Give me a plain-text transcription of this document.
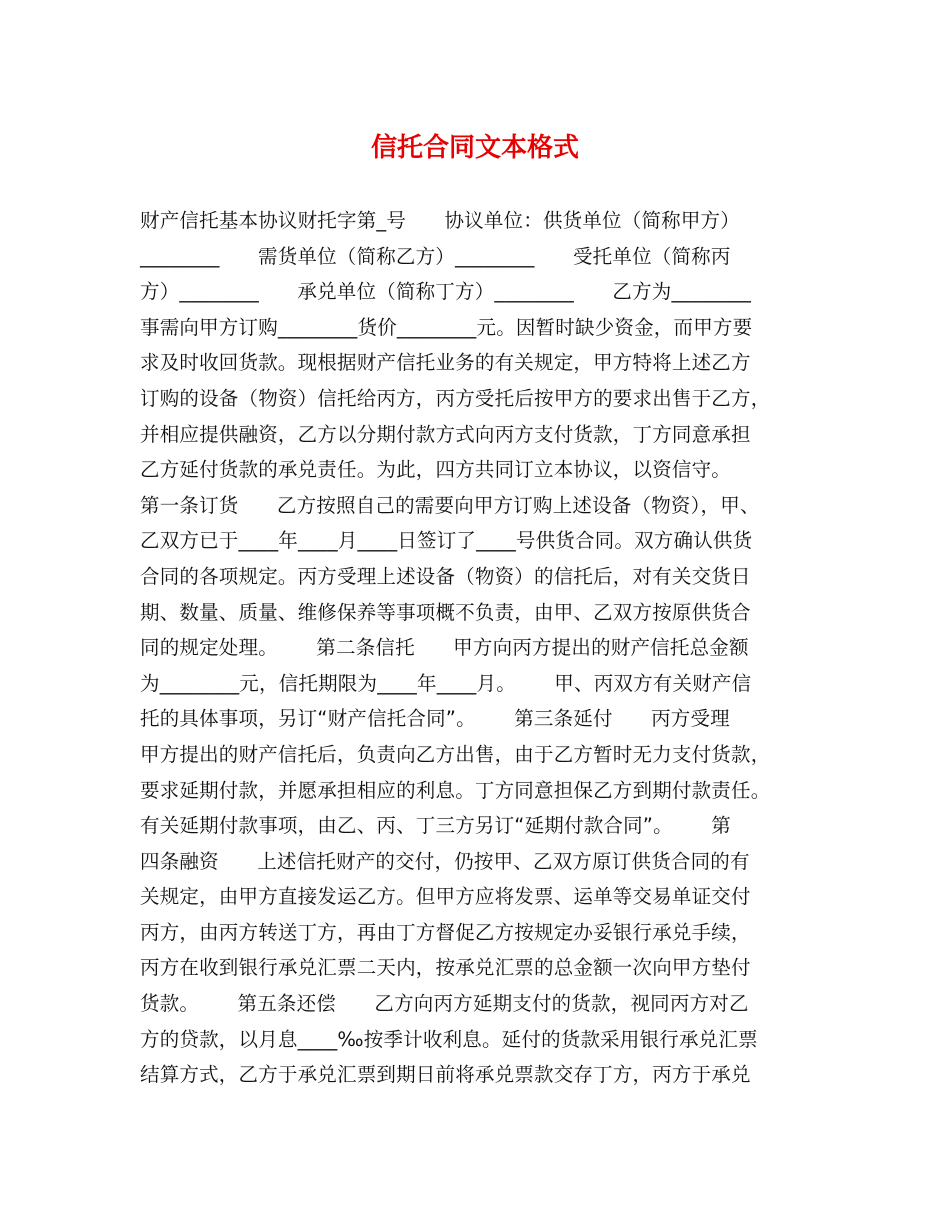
信托合同文本格式
财产信托基本协议财托字第_号      协议单位：供货单位（简称甲方）
________      需货单位（简称乙方）________      受托单位（简称丙
方）________      承兑单位（简称丁方）________      乙方为________
事需向甲方订购________货价________元。因暂时缺少资金，而甲方要
求及时收回货款。现根据财产信托业务的有关规定，甲方特将上述乙方
订购的设备（物资）信托给丙方，丙方受托后按甲方的要求出售于乙方，
并相应提供融资，乙方以分期付款方式向丙方支付货款，丁方同意承担
乙方延付货款的承兑责任。为此，四方共同订立本协议，以资信守。
第一条订货      乙方按照自己的需要向甲方订购上述设备（物资），甲、
乙双方已于____年____月____日签订了____号供货合同。双方确认供货
合同的各项规定。丙方受理上述设备（物资）的信托后，对有关交货日
期、数量、质量、维修保养等事项概不负责，由甲、乙双方按原供货合
同的规定处理。      第二条信托      甲方向丙方提出的财产信托总金额
为________元，信托期限为____年____月。      甲、丙双方有关财产信
托的具体事项，另订“财产信托合同”。      第三条延付      丙方受理
甲方提出的财产信托后，负责向乙方出售，由于乙方暂时无力支付货款，
要求延期付款，并愿承担相应的利息。丁方同意担保乙方到期付款责任。
有关延期付款事项，由乙、丙、丁三方另订“延期付款合同”。      第
四条融资      上述信托财产的交付，仍按甲、乙双方原订供货合同的有
关规定，由甲方直接发运乙方。但甲方应将发票、运单等交易单证交付
丙方，由丙方转送丁方，再由丁方督促乙方按规定办妥银行承兑手续，
丙方在收到银行承兑汇票二天内，按承兑汇票的总金额一次向甲方垫付
货款。      第五条还偿      乙方向丙方延期支付的货款，视同丙方对乙
方的贷款，以月息____‰按季计收利息。延付的货款采用银行承兑汇票
结算方式，乙方于承兑汇票到期日前将承兑票款交存丁方，丙方于承兑
